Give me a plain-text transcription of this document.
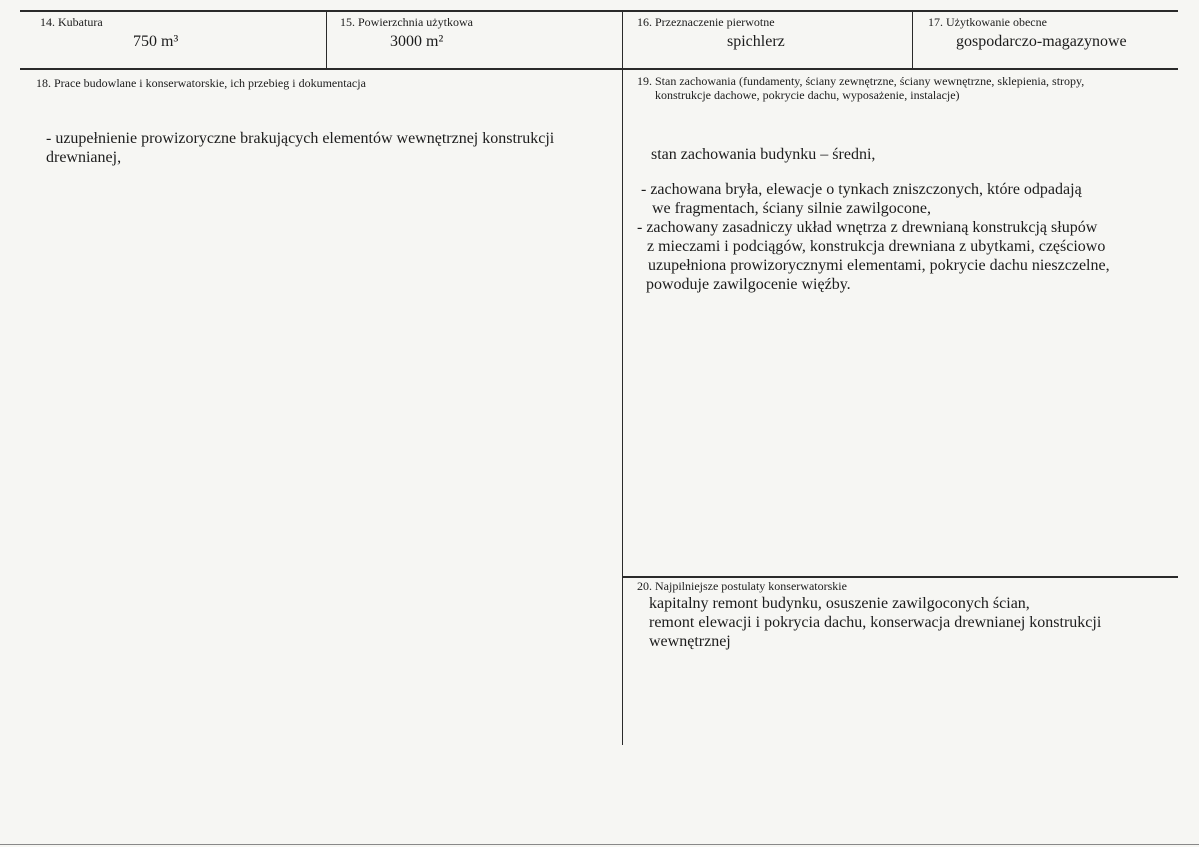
14. Kubatura
750 m³
15. Powierzchnia użytkowa
3000 m²
16. Przeznaczenie pierwotne
spichlerz
17. Użytkowanie obecne
gospodarczo-magazynowe
18. Prace budowlane i konserwatorskie, ich przebieg i dokumentacja

- uzupełnienie prowizoryczne brakujących elementów wewnętrznej konstrukcji

drewnianej,

19. Stan zachowania (fundamenty, ściany zewnętrzne, ściany wewnętrzne, sklepienia, stropy,

konstrukcje dachowe, pokrycie dachu, wyposażenie, instalacje)

stan zachowania budynku – średni,

- zachowana bryła, elewacje o tynkach zniszczonych, które odpadają

we fragmentach, ściany silnie zawilgocone,

- zachowany zasadniczy układ wnętrza z drewnianą konstrukcją słupów

z mieczami i podciągów, konstrukcja drewniana z ubytkami, częściowo

uzupełniona prowizorycznymi elementami, pokrycie dachu nieszczelne,

powoduje zawilgocenie więźby.

20. Najpilniejsze postulaty konserwatorskie

kapitalny remont budynku, osuszenie zawilgoconych ścian,

remont elewacji i pokrycia dachu, konserwacja drewnianej konstrukcji

wewnętrznej
